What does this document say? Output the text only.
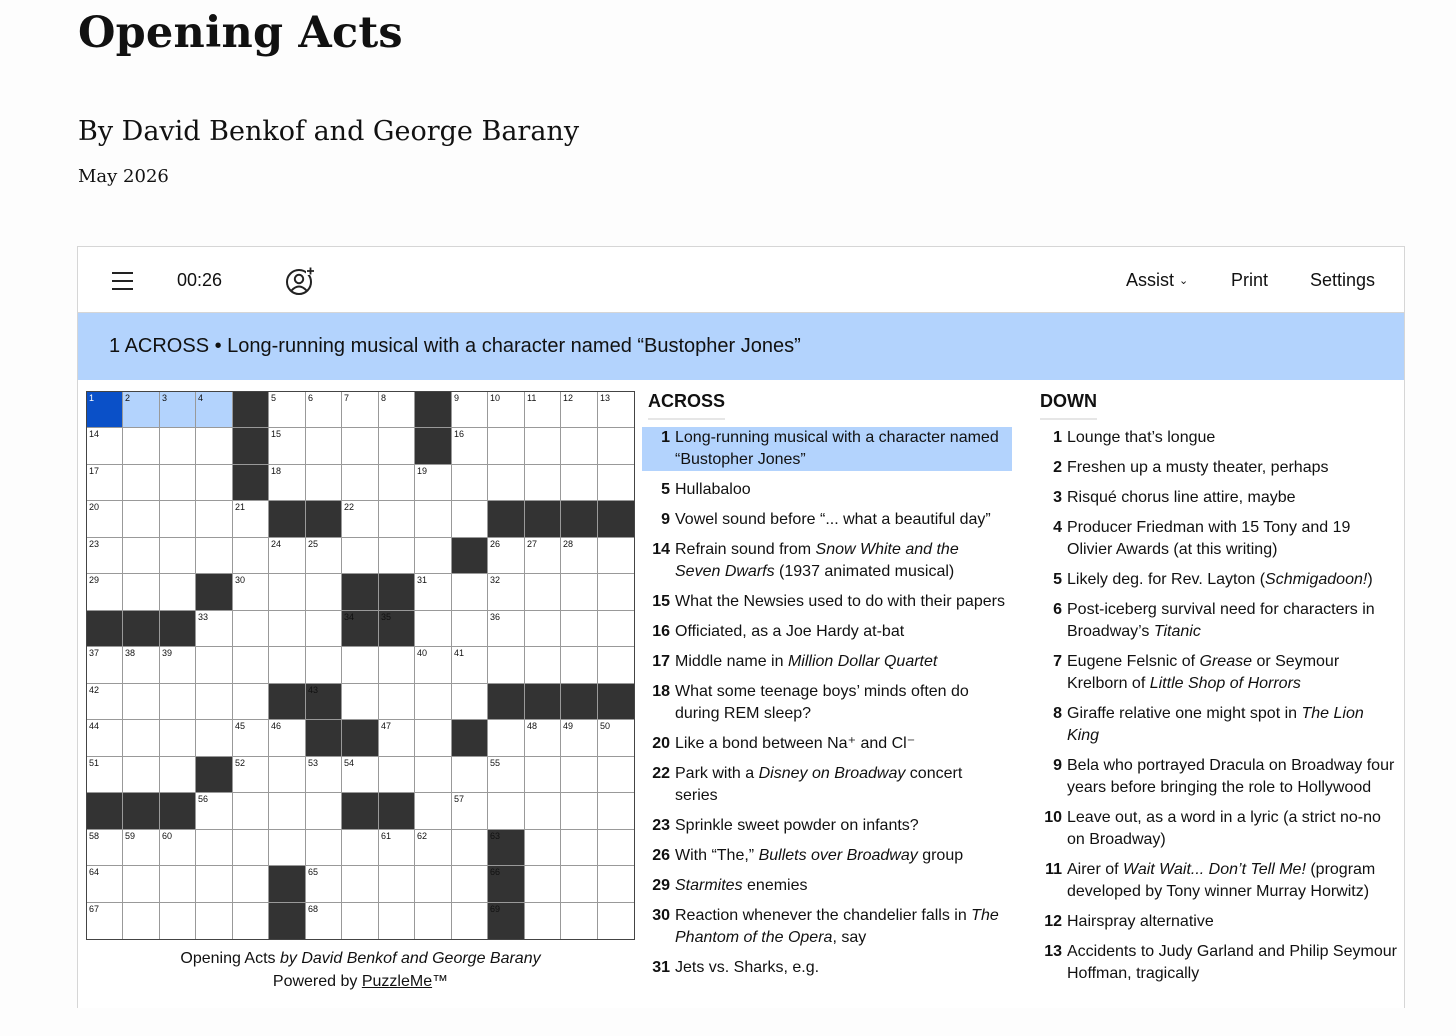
Opening Acts
By David Benkof and George Barany
May 2026
00:26	Assist ⌄ Print Settings
1 ACROSS • Long-running musical with a character named “Bustopher Jones”
1	2	3	4	5	6	7	8	9	10	11	12	13
14	15	16
17	18	19
20	21	22
23	24	25	26	27	28
29	30	31	32
33	34	35	36
37	38	39	40	41
42	43
44	45	46	47	48	49	50
51	52	53	54	55
56	57
58	59	60	61	62	63
64	65	66
67	68	69
Opening Acts by David Benkof and George Barany
Powered by PuzzleMe™
ACROSS	DOWN
1 Long-running musical with a character named “Bustopher Jones”
5 Hullabaloo
9 Vowel sound before “... what a beautiful day”
14 Refrain sound from Snow White and the Seven Dwarfs (1937 animated musical)
15 What the Newsies used to do with their papers
16 Officiated, as a Joe Hardy at-bat
17 Middle name in Million Dollar Quartet
18 What some teenage boys’ minds often do during REM sleep?
20 Like a bond between Na⁺ and Cl⁻
22 Park with a Disney on Broadway concert series
23 Sprinkle sweet powder on infants?
26 With “The,” Bullets over Broadway group
29 Starmites enemies
30 Reaction whenever the chandelier falls in The Phantom of the Opera, say
31 Jets vs. Sharks, e.g.
1 Lounge that’s longue
2 Freshen up a musty theater, perhaps
3 Risqué chorus line attire, maybe
4 Producer Friedman with 15 Tony and 19 Olivier Awards (at this writing)
5 Likely deg. for Rev. Layton (Schmigadoon!)
6 Post-iceberg survival need for characters in Broadway’s Titanic
7 Eugene Felsnic of Grease or Seymour Krelborn of Little Shop of Horrors
8 Giraffe relative one might spot in The Lion King
9 Bela who portrayed Dracula on Broadway four years before bringing the role to Hollywood
10 Leave out, as a word in a lyric (a strict no-no on Broadway)
11 Airer of Wait Wait... Don’t Tell Me! (program developed by Tony winner Murray Horwitz)
12 Hairspray alternative
13 Accidents to Judy Garland and Philip Seymour Hoffman, tragically
